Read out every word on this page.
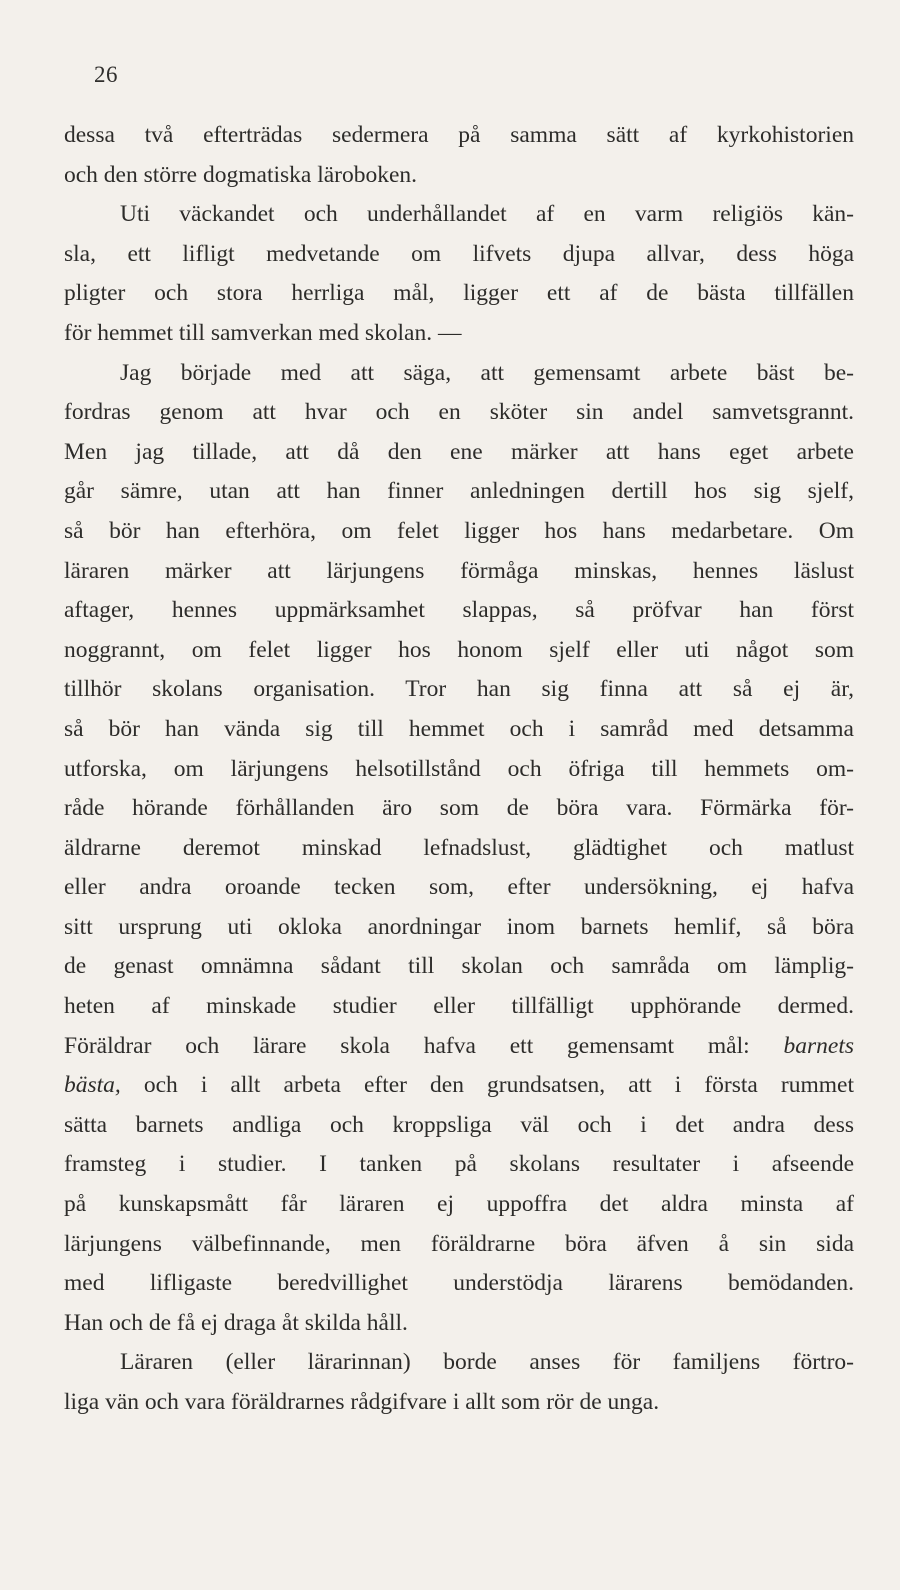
26
dessa två efterträdas sedermera på samma sätt af kyrkohistorien
och den större dogmatiska läroboken.
Uti väckandet och underhållandet af en varm religiös kän-
sla, ett lifligt medvetande om lifvets djupa allvar, dess höga
pligter och stora herrliga mål, ligger ett af de bästa tillfällen
för hemmet till samverkan med skolan. —
Jag började med att säga, att gemensamt arbete bäst be-
fordras genom att hvar och en sköter sin andel samvetsgrannt.
Men jag tillade, att då den ene märker att hans eget arbete
går sämre, utan att han finner anledningen dertill hos sig sjelf,
så bör han efterhöra, om felet ligger hos hans medarbetare. Om
läraren märker att lärjungens förmåga minskas, hennes läslust
aftager, hennes uppmärksamhet slappas, så pröfvar han först
noggrannt, om felet ligger hos honom sjelf eller uti något som
tillhör skolans organisation. Tror han sig finna att så ej är,
så bör han vända sig till hemmet och i samråd med detsamma
utforska, om lärjungens helsotillstånd och öfriga till hemmets om-
råde hörande förhållanden äro som de böra vara. Förmärka för-
äldrarne deremot minskad lefnadslust, glädtighet och matlust
eller andra oroande tecken som, efter undersökning, ej hafva
sitt ursprung uti okloka anordningar inom barnets hemlif, så böra
de genast omnämna sådant till skolan och samråda om lämplig-
heten af minskade studier eller tillfälligt upphörande dermed.
Föräldrar och lärare skola hafva ett gemensamt mål: barnets
bästa, och i allt arbeta efter den grundsatsen, att i första rummet
sätta barnets andliga och kroppsliga väl och i det andra dess
framsteg i studier. I tanken på skolans resultater i afseende
på kunskapsmått får läraren ej uppoffra det aldra minsta af
lärjungens välbefinnande, men föräldrarne böra äfven å sin sida
med lifligaste beredvillighet understödja lärarens bemödanden.
Han och de få ej draga åt skilda håll.
Läraren (eller lärarinnan) borde anses för familjens förtro-
liga vän och vara föräldrarnes rådgifvare i allt som rör de unga.
